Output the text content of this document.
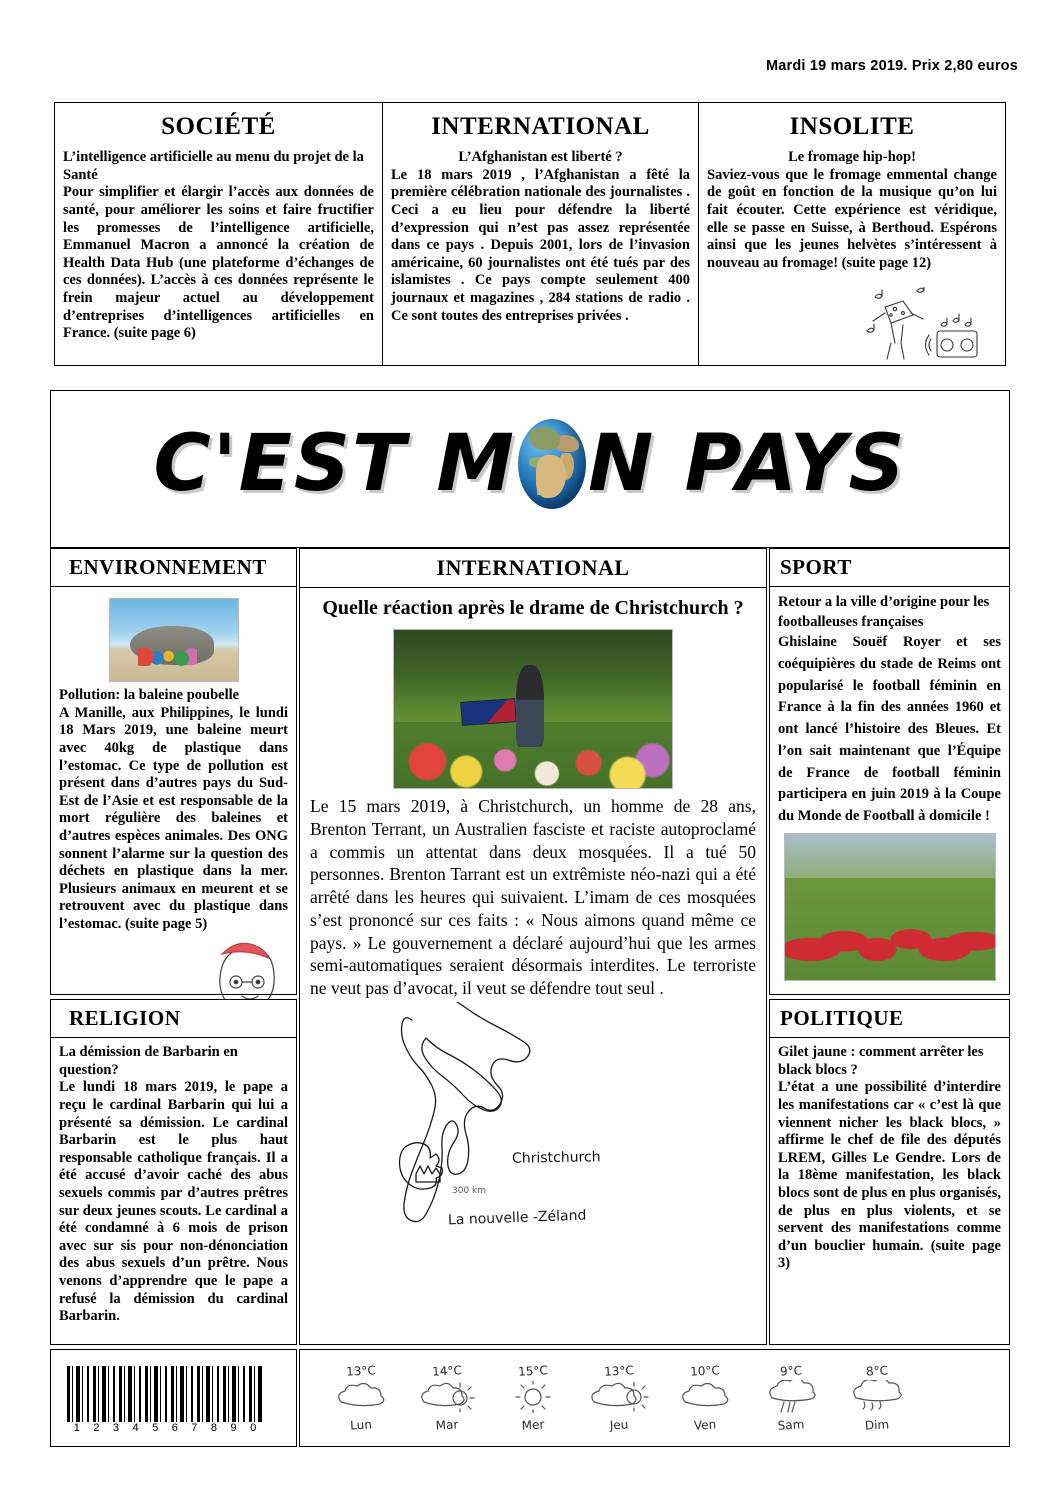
Mardi 19 mars 2019. Prix 2,80 euros
SOCIÉTÉ
L’intelligence artificielle au menu du projet de la Santé
Pour simplifier et élargir l’accès aux données de santé, pour améliorer les soins et faire fructifier les promesses de l’intelligence artificielle, Emmanuel Macron a annoncé la création de Health Data Hub (une plateforme d’échanges de ces données). L’accès à ces données représente le frein majeur actuel au développement d’entreprises d’intelligences artificielles en France. (suite page 6)
INTERNATIONAL
L’Afghanistan est liberté ?
Le 18 mars 2019 , l’Afghanistan a fêté la première célébration nationale des journalistes . Ceci a eu lieu pour défendre la liberté d’expression qui n’est pas assez représentée dans ce pays . Depuis 2001, lors de l’invasion américaine, 60 journalistes ont été tués par des islamistes . Ce pays compte seulement 400 journaux et magazines , 284 stations de radio . Ce sont toutes des entreprises privées .
INSOLITE
Le fromage hip-hop!
Saviez-vous que le fromage emmental change de goût en fonction de la musique qu’on lui fait écouter. Cette expérience est véridique, elle se passe en Suisse, à Berthoud. Espérons ainsi que les jeunes helvètes s’intéressent à nouveau au fromage! (suite page 12)
C'EST M N PAYS
ENVIRONNEMENT
Pollution: la baleine poubelle
A Manille, aux Philippines, le lundi 18 Mars 2019, une baleine meurt avec 40kg de plastique dans l’estomac. Ce type de pollution est présent dans d’autres pays du Sud-Est de l’Asie et est responsable de la mort régulière des baleines et d’autres espèces animales. Des ONG sonnent l’alarme sur la question des déchets en plastique dans la mer. Plusieurs animaux en meurent et se retrouvent avec du plastique dans l’estomac. (suite page 5)
RELIGION
La démission de Barbarin en question?
Le lundi 18 mars 2019, le pape a reçu le cardinal Barbarin qui lui a présenté sa démission. Le cardinal Barbarin est le plus haut responsable catholique français. Il a été accusé d’avoir caché des abus sexuels commis par d’autres prêtres sur deux jeunes scouts. Le cardinal a été condamné à 6 mois de prison avec sur sis pour non-dénonciation des abus sexuels d’un prêtre. Nous venons d’apprendre que le pape a refusé la démission du cardinal Barbarin.
INTERNATIONAL
Quelle réaction après le drame de Christchurch ?
Le 15 mars 2019, à Christchurch, un homme de 28 ans, Brenton Terrant, un Australien fasciste et raciste autoproclamé a commis un attentat dans deux mosquées. Il a tué 50 personnes. Brenton Tarrant est un extrêmiste néo-nazi qui a été arrêté dans les heures qui suivaient. L’imam de ces mosquées s’est prononcé sur ces faits : « Nous aimons quand même ce pays. » Le gouvernement a déclaré aujourd’hui que les armes semi-automatiques seraient désormais interdites. Le terroriste ne veut pas d’avocat, il veut se défendre tout seul .
Christchurch
300 km
La nouvelle -Zéland
SPORT
Retour a la ville d’origine pour les footballeuses françaises
Ghislaine Souëf Royer et ses coéquipières du stade de Reims ont popularisé le football féminin en France à la fin des années 1960 et ont lancé l’histoire des Bleues. Et l’on sait maintenant que l’Équipe de France de football féminin participera en juin 2019 à la Coupe du Monde de Football à domicile !
POLITIQUE
Gilet jaune : comment arrêter les black blocs ?
L’état a une possibilité d’interdire les manifestations car « c’est là que viennent nicher les black blocs, » affirme le chef de file des députés LREM, Gilles Le Gendre. Lors de la 18ème manifestation, les black blocs sont de plus en plus organisés, de plus en plus violents, et se servent des manifestations comme d’un bouclier humain. (suite page 3)
1 2 3 4 5 6 7 8 9 0
13°C
Lun
14°C
Mar
15°C
Mer
13°C
Jeu
10°C
Ven
9°C
Sam
8°C
Dim
